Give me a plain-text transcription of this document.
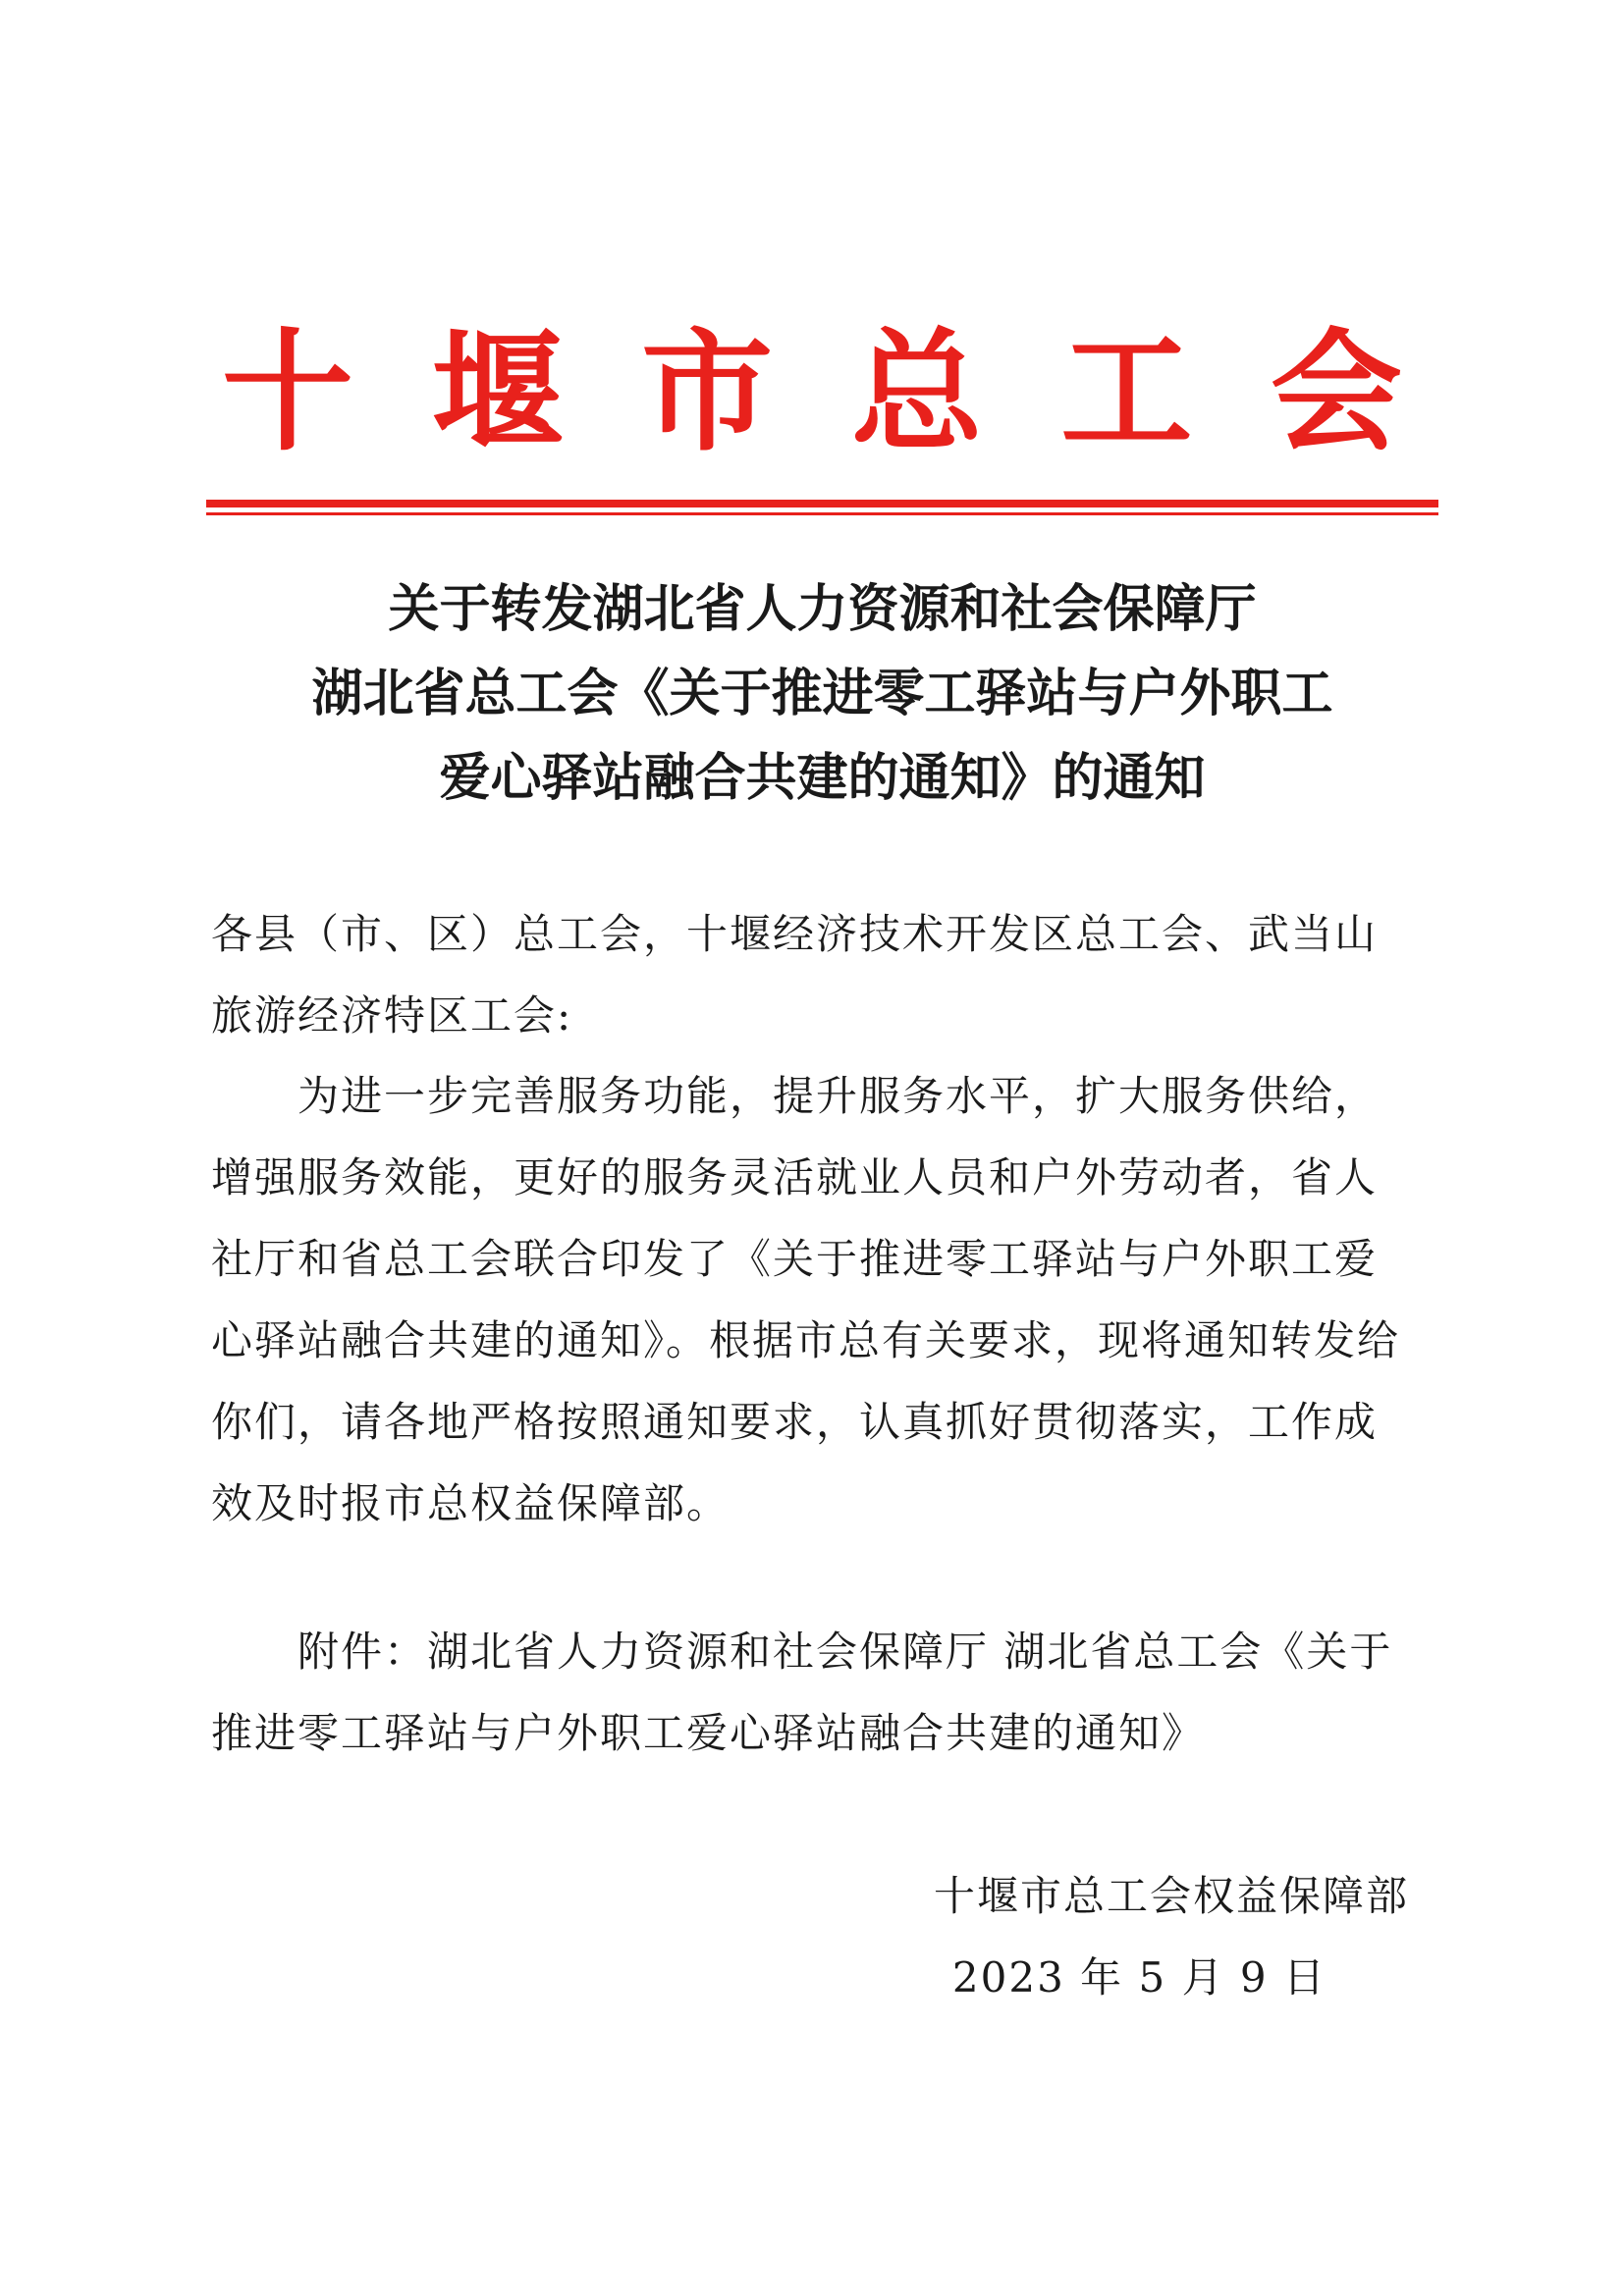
十 堰 市 总 工 会
关于转发湖北省人力资源和社会保障厅
湖北省总工会《关于推进零工驿站与户外职工
爱心驿站融合共建的通知》的通知
各县（市、区）总工会，十堰经济技术开发区总工会、武当山旅游经济特区工会:
为进一步完善服务功能，提升服务水平，扩大服务供给，增强服务效能，更好的服务灵活就业人员和户外劳动者，省人社厅和省总工会联合印发了《关于推进零工驿站与户外职工爱心驿站融合共建的通知》。根据市总有关要求，现将通知转发给你们，请各地严格按照通知要求，认真抓好贯彻落实，工作成效及时报市总权益保障部。
附件：湖北省人力资源和社会保障厅 湖北省总工会《关于推进零工驿站与户外职工爱心驿站融合共建的通知》
十堰市总工会权益保障部
2023 年 5 月 9 日
